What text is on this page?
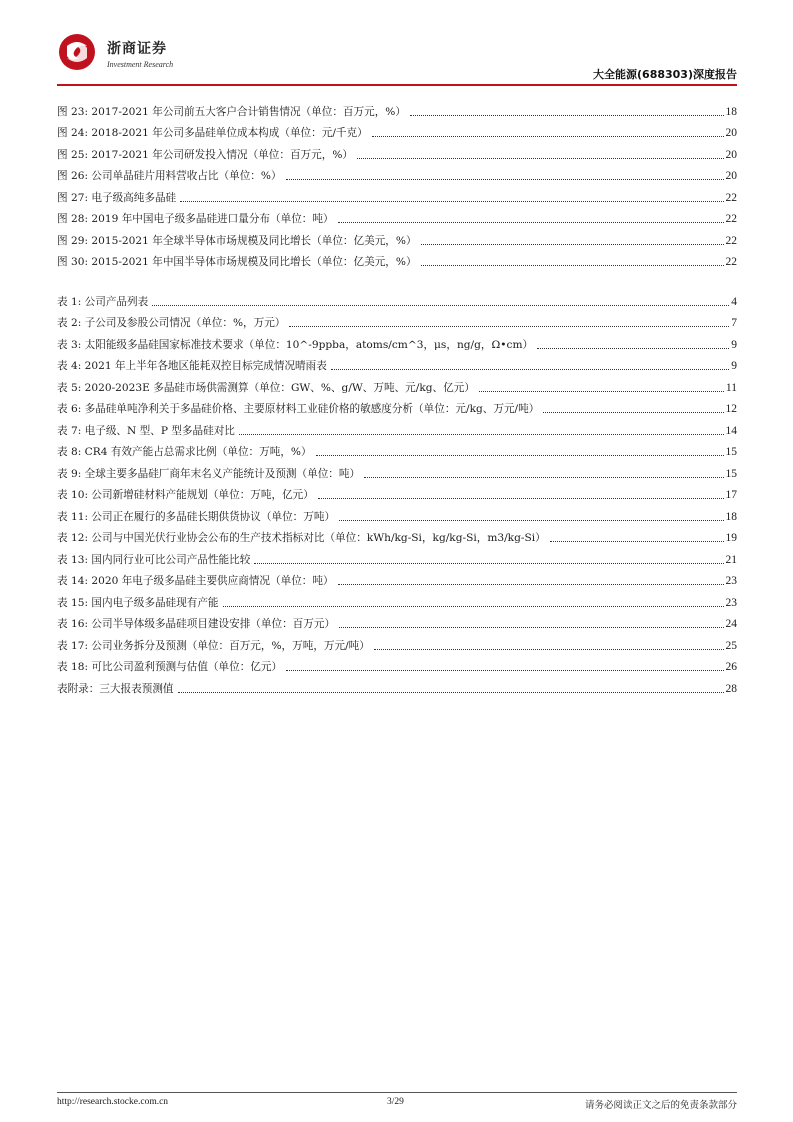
浙商证券
Investment Research
大全能源(688303)深度报告
图 23: 2017-2021 年公司前五大客户合计销售情况（单位：百万元，%）	18
图 24: 2018-2021 年公司多晶硅单位成本构成（单位：元/千克）	20
图 25: 2017-2021 年公司研发投入情况（单位：百万元，%）	20
图 26: 公司单晶硅片用料营收占比（单位：%）	20
图 27: 电子级高纯多晶硅	22
图 28: 2019 年中国电子级多晶硅进口量分布（单位：吨）	22
图 29: 2015-2021 年全球半导体市场规模及同比增长（单位：亿美元，%）	22
图 30: 2015-2021 年中国半导体市场规模及同比增长（单位：亿美元，%）	22
表 1: 公司产品列表	4
表 2: 子公司及参股公司情况（单位：%，万元）	7
表 3: 太阳能级多晶硅国家标准技术要求（单位：10^-9ppba，atoms/cm^3，μs，ng/g，Ω•cm）	9
表 4: 2021 年上半年各地区能耗双控目标完成情况晴雨表	9
表 5: 2020-2023E 多晶硅市场供需测算（单位：GW、%、g/W、万吨、元/kg、亿元）	11
表 6: 多晶硅单吨净利关于多晶硅价格、主要原材料工业硅价格的敏感度分析（单位：元/kg、万元/吨）	12
表 7: 电子级、N 型、P 型多晶硅对比	14
表 8: CR4 有效产能占总需求比例（单位：万吨，%）	15
表 9: 全球主要多晶硅厂商年末名义产能统计及预测（单位：吨）	15
表 10: 公司新增硅材料产能规划（单位：万吨，亿元）	17
表 11: 公司正在履行的多晶硅长期供货协议（单位：万吨）	18
表 12: 公司与中国光伏行业协会公布的生产技术指标对比（单位：kWh/kg-Si，kg/kg-Si，m3/kg-Si）	19
表 13: 国内同行业可比公司产品性能比较	21
表 14: 2020 年电子级多晶硅主要供应商情况（单位：吨）	23
表 15: 国内电子级多晶硅现有产能	23
表 16: 公司半导体级多晶硅项目建设安排（单位：百万元）	24
表 17: 公司业务拆分及预测（单位：百万元，%，万吨，万元/吨）	25
表 18: 可比公司盈利预测与估值（单位：亿元）	26
表附录：三大报表预测值	28
http://research.stocke.com.cn	3/29	请务必阅读正文之后的免责条款部分
